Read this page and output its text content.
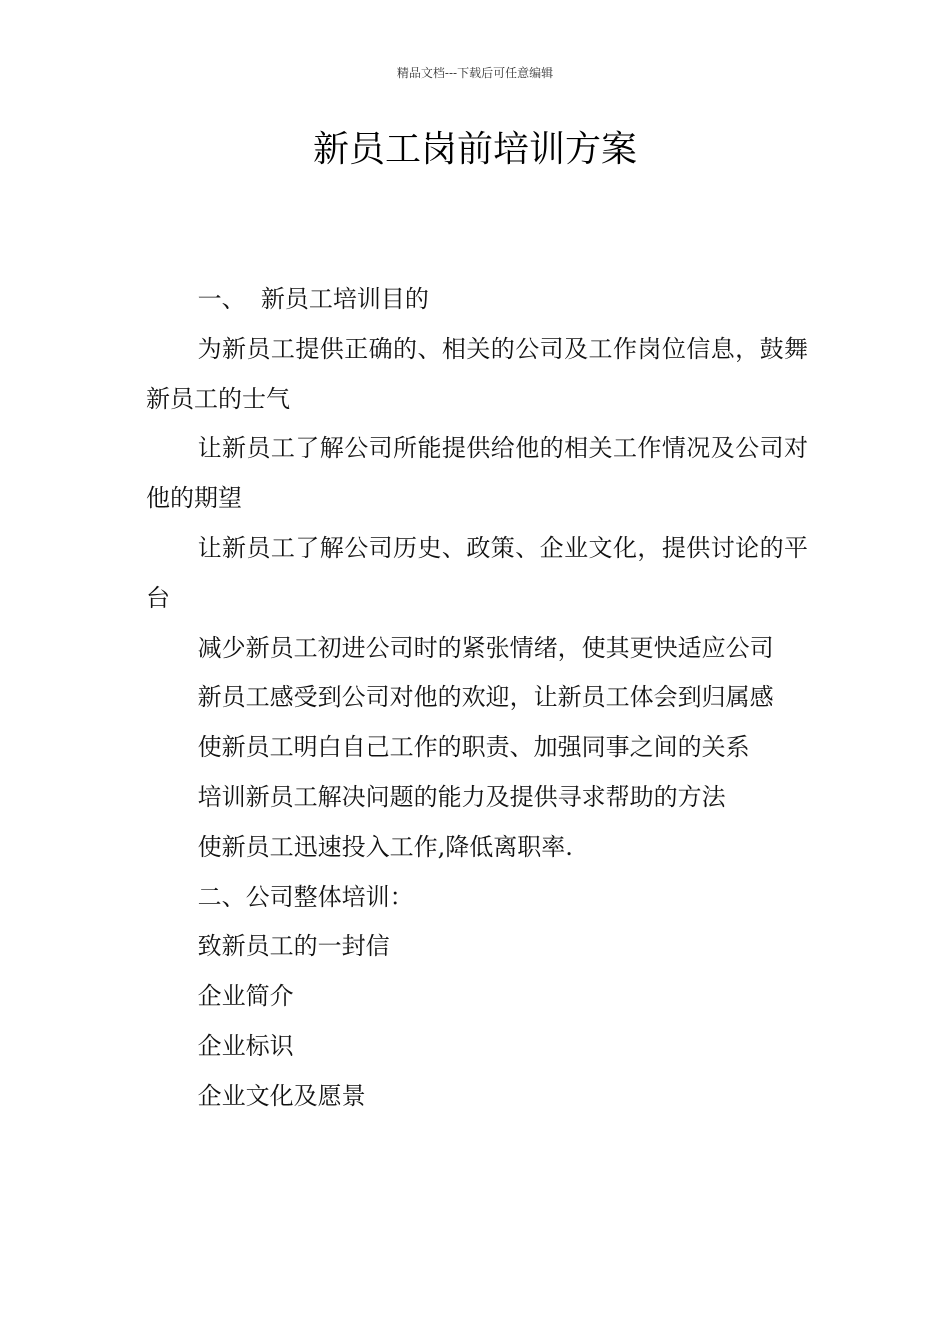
精品文档---下载后可任意编辑
新员工岗前培训方案

一、  新员工培训目的

为新员工提供正确的、相关的公司及工作岗位信息，鼓舞新员工的士气

让新员工了解公司所能提供给他的相关工作情况及公司对他的期望

让新员工了解公司历史、政策、企业文化，提供讨论的平台

减少新员工初进公司时的紧张情绪，使其更快适应公司

新员工感受到公司对他的欢迎，让新员工体会到归属感

使新员工明白自己工作的职责、加强同事之间的关系

培训新员工解决问题的能力及提供寻求帮助的方法

使新员工迅速投入工作,降低离职率.

二、公司整体培训：

致新员工的一封信

企业简介

企业标识

企业文化及愿景
